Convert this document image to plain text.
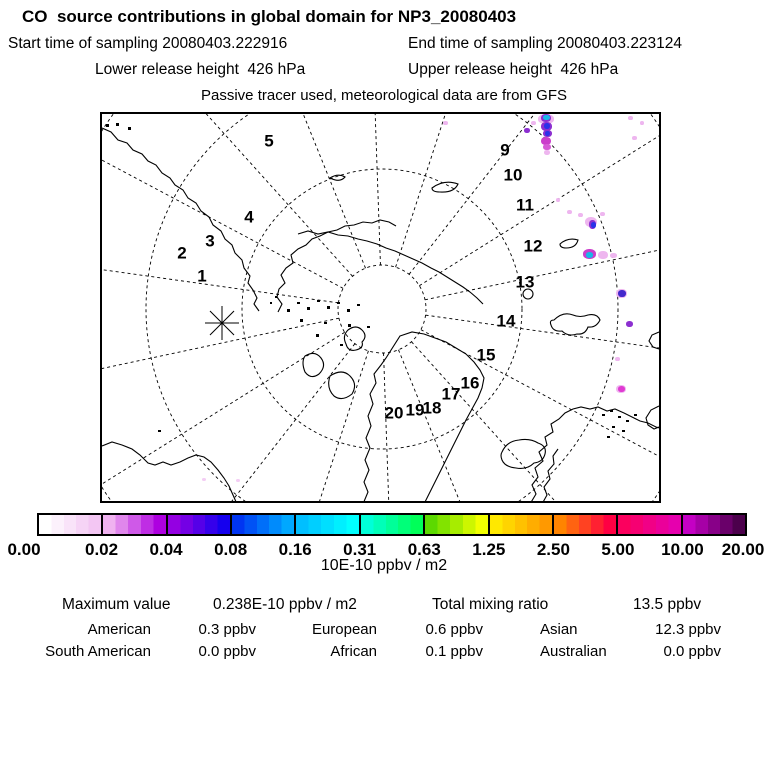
CO  source contributions in global domain for NP3_20080403
Start time of sampling 20080403.222916	End time of sampling 20080403.223124
Lower release height  426 hPa	Upper release height  426 hPa
Passive tracer used, meteorological data are from GFS
1
2
3
4
5	9
10
11
12
13
14
15
16
17
18
19
20
0.00	0.02 0.04 0.08 0.16 0.31 0.63 1.25 2.50 5.00 10.00 20.00
10E-10 ppbv / m2
Maximum value	0.238E-10 ppbv / m2	Total mixing ratio	13.5 ppbv
American	0.3 ppbv	European	0.6 ppbv	Asian	12.3 ppbv
South American	0.0 ppbv	African	0.1 ppbv	Australian	0.0 ppbv
